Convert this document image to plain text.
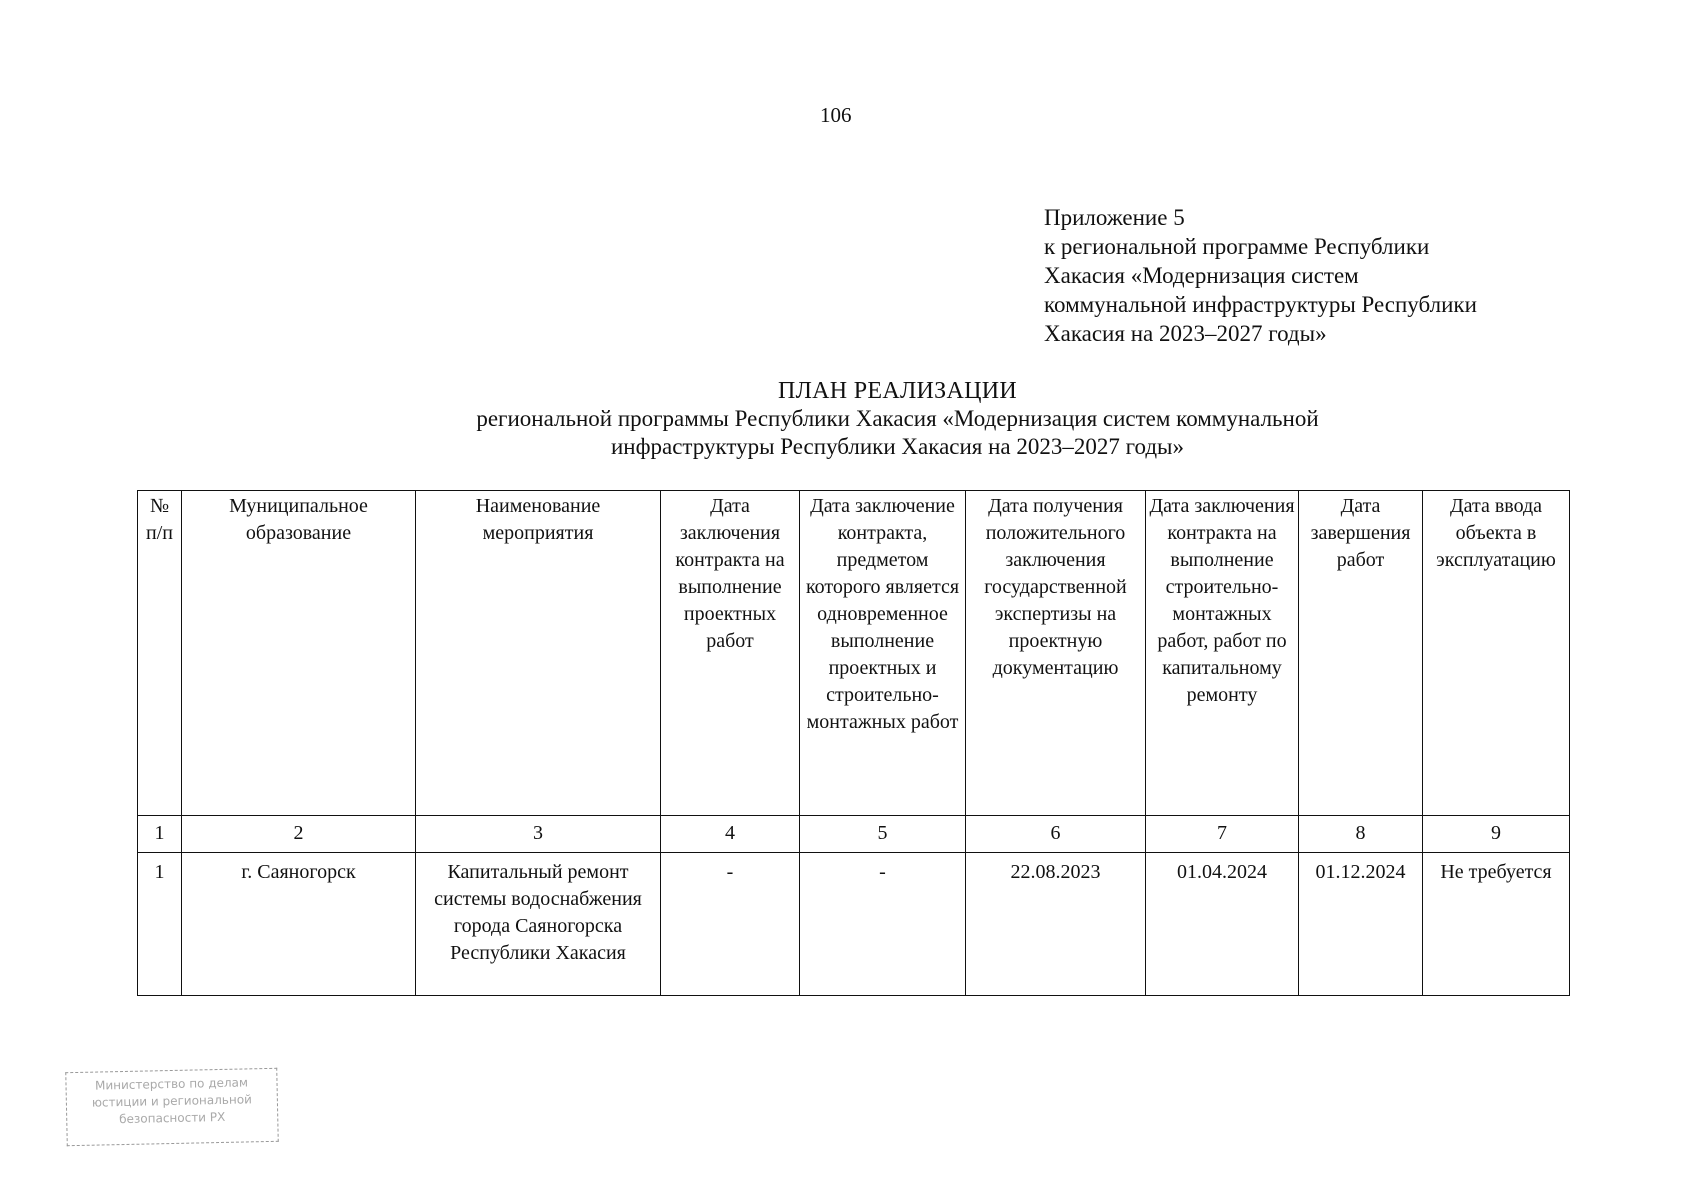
106
Приложение 5
к региональной программе Республики
Хакасия «Модернизация систем
коммунальной инфраструктуры Республики
Хакасия на 2023–2027 годы»
ПЛАН РЕАЛИЗАЦИИ
региональной программы Республики Хакасия «Модернизация систем коммунальной
инфраструктуры Республики Хакасия на 2023–2027 годы»
№ п/п	Муниципальное образование	Наименование мероприятия	Дата заключения контракта на выполнение проектных работ	Дата заключение контракта, предметом которого является одновременное выполнение проектных и строительно-монтажных работ	Дата получения положительного заключения государственной экспертизы на проектную документацию	Дата заключения контракта на выполнение строительно-монтажных работ, работ по капитальному ремонту	Дата завершения работ	Дата ввода объекта в эксплуатацию
1	2	3	4	5	6	7	8	9
1	г. Саяногорск	Капитальный ремонт системы водоснабжения города Саяногорска Республики Хакасия	-	-	22.08.2023	01.04.2024	01.12.2024	Не требуется
Министерство по делам
юстиции и региональной
безопасности РХ
